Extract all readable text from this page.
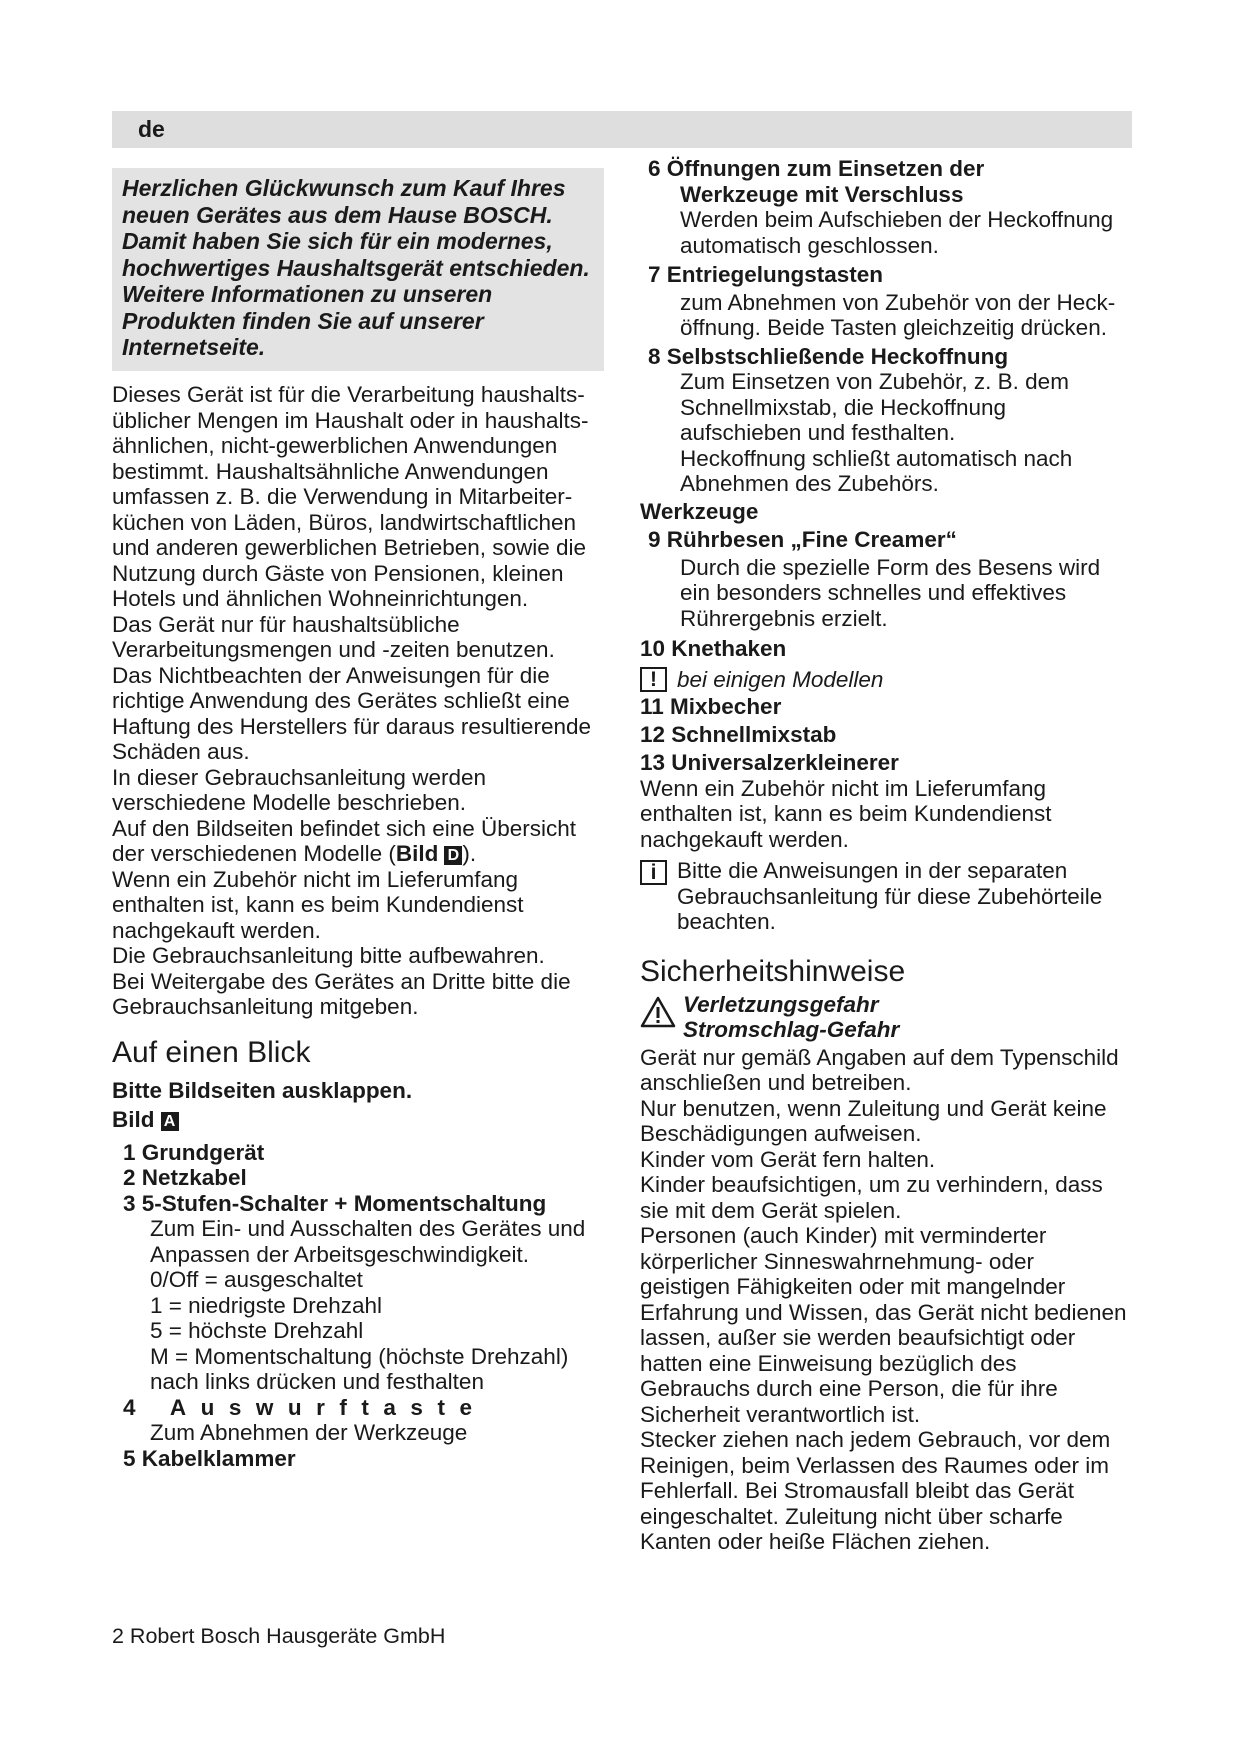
de
Herzlichen Glückwunsch zum Kauf Ihres
neuen Gerätes aus dem Hause BOSCH.
Damit haben Sie sich für ein modernes,
hochwertiges Haushaltsgerät entschieden.
Weitere Informationen zu unseren
Produkten finden Sie auf unserer
Internetseite.
Dieses Gerät ist für die Verarbeitung haushalts-
üblicher Mengen im Haushalt oder in haushalts-
ähnlichen, nicht-gewerblichen Anwendungen
bestimmt. Haushaltsähnliche Anwendungen
umfassen z. B. die Verwendung in Mitarbeiter-
küchen von Läden, Büros, landwirtschaftlichen
und anderen gewerblichen Betrieben, sowie die
Nutzung durch Gäste von Pensionen, kleinen
Hotels und ähnlichen Wohneinrichtungen.
Das Gerät nur für haushaltsübliche
Verarbeitungsmengen und -zeiten benutzen.
Das Nichtbeachten der Anweisungen für die
richtige Anwendung des Gerätes schließt eine
Haftung des Herstellers für daraus resultierende
Schäden aus.
In dieser Gebrauchsanleitung werden
verschiedene Modelle beschrieben.
Auf den Bildseiten befindet sich eine Übersicht
der verschiedenen Modelle (Bild D ).
Wenn ein Zubehör nicht im Lieferumfang
enthalten ist, kann es beim Kundendienst
nachgekauft werden.
Die Gebrauchsanleitung bitte aufbewahren.
Bei Weitergabe des Gerätes an Dritte bitte die
Gebrauchsanleitung mitgeben.
Auf einen Blick
Bitte Bildseiten ausklappen.
Bild A
1 Grundgerät
2 Netzkabel
3 5-Stufen-Schalter + Momentschaltung
Zum Ein- und Ausschalten des Gerätes und
Anpassen der Arbeitsgeschwindigkeit.
0/Off = ausgeschaltet
1 = niedrigste Drehzahl
5 = höchste Drehzahl
M = Momentschaltung (höchste Drehzahl)
nach links drücken und festhalten
4 Auswurftaste
Zum Abnehmen der Werkzeuge
5 Kabelklammer
6 Öffnungen zum Einsetzen der
Werkzeuge mit Verschluss
Werden beim Aufschieben der Heckoffnung
automatisch geschlossen.
7 Entriegelungstasten
zum Abnehmen von Zubehör von der Heck-
öffnung. Beide Tasten gleichzeitig drücken.
8 Selbstschließende Heckoffnung
Zum Einsetzen von Zubehör, z. B. dem
Schnellmixstab, die Heckoffnung
aufschieben und festhalten.
Heckoffnung schließt automatisch nach
Abnehmen des Zubehörs.
Werkzeuge
9 Rührbesen „Fine Creamer“
Durch die spezielle Form des Besens wird
ein besonders schnelles und effektives
Rührergebnis erzielt.
10 Knethaken
! bei einigen Modellen
11 Mixbecher
12 Schnellmixstab
13 Universalzerkleinerer
Wenn ein Zubehör nicht im Lieferumfang
enthalten ist, kann es beim Kundendienst
nachgekauft werden.
i Bitte die Anweisungen in der separaten
Gebrauchsanleitung für diese Zubehörteile
beachten.
Sicherheitshinweise
Verletzungsgefahr
Stromschlag-Gefahr
Gerät nur gemäß Angaben auf dem Typenschild
anschließen und betreiben.
Nur benutzen, wenn Zuleitung und Gerät keine
Beschädigungen aufweisen.
Kinder vom Gerät fern halten.
Kinder beaufsichtigen, um zu verhindern, dass
sie mit dem Gerät spielen.
Personen (auch Kinder) mit verminderter
körperlicher Sinneswahrnehmung- oder
geistigen Fähigkeiten oder mit mangelnder
Erfahrung und Wissen, das Gerät nicht bedienen
lassen, außer sie werden beaufsichtigt oder
hatten eine Einweisung bezüglich des
Gebrauchs durch eine Person, die für ihre
Sicherheit verantwortlich ist.
Stecker ziehen nach jedem Gebrauch, vor dem
Reinigen, beim Verlassen des Raumes oder im
Fehlerfall. Bei Stromausfall bleibt das Gerät
eingeschaltet. Zuleitung nicht über scharfe
Kanten oder heiße Flächen ziehen.
2 Robert Bosch Hausgeräte GmbH
